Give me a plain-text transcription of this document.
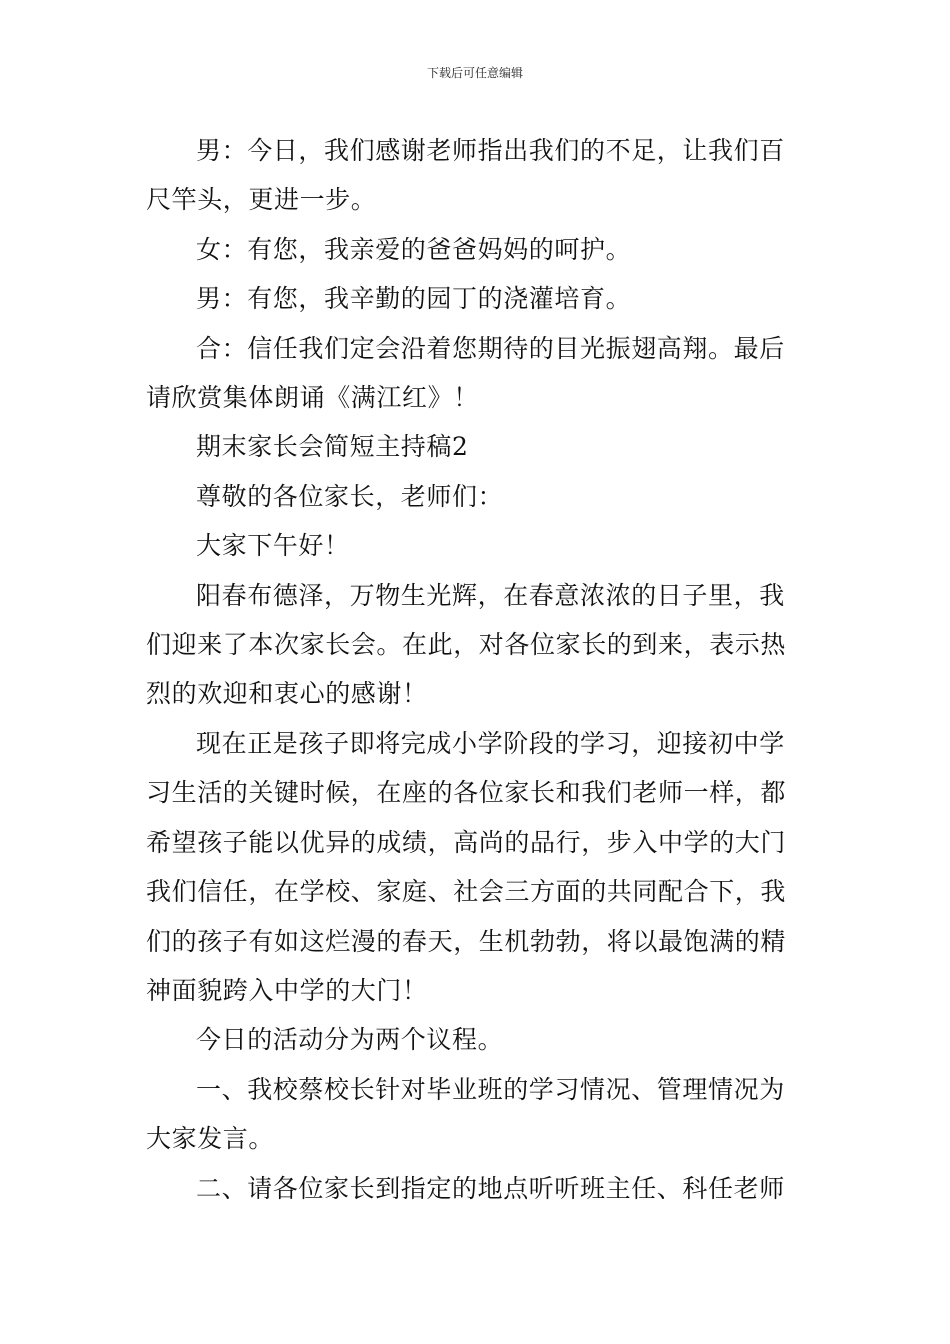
下载后可任意编辑

男：今日，我们感谢老师指出我们的不足，让我们百
尺竿头，更进一步。

女：有您，我亲爱的爸爸妈妈的呵护。

男：有您，我辛勤的园丁的浇灌培育。

合：信任我们定会沿着您期待的目光振翅高翔。最后
请欣赏集体朗诵《满江红》！

期末家长会简短主持稿2

尊敬的各位家长，老师们：

大家下午好！

阳春布德泽，万物生光辉，在春意浓浓的日子里，我
们迎来了本次家长会。在此，对各位家长的到来，表示热
烈的欢迎和衷心的感谢！

现在正是孩子即将完成小学阶段的学习，迎接初中学
习生活的关键时候，在座的各位家长和我们老师一样，都
希望孩子能以优异的成绩，高尚的品行，步入中学的大门
我们信任，在学校、家庭、社会三方面的共同配合下，我
们的孩子有如这烂漫的春天，生机勃勃，将以最饱满的精
神面貌跨入中学的大门！

今日的活动分为两个议程。

一、我校蔡校长针对毕业班的学习情况、管理情况为
大家发言。

二、请各位家长到指定的地点听听班主任、科任老师
